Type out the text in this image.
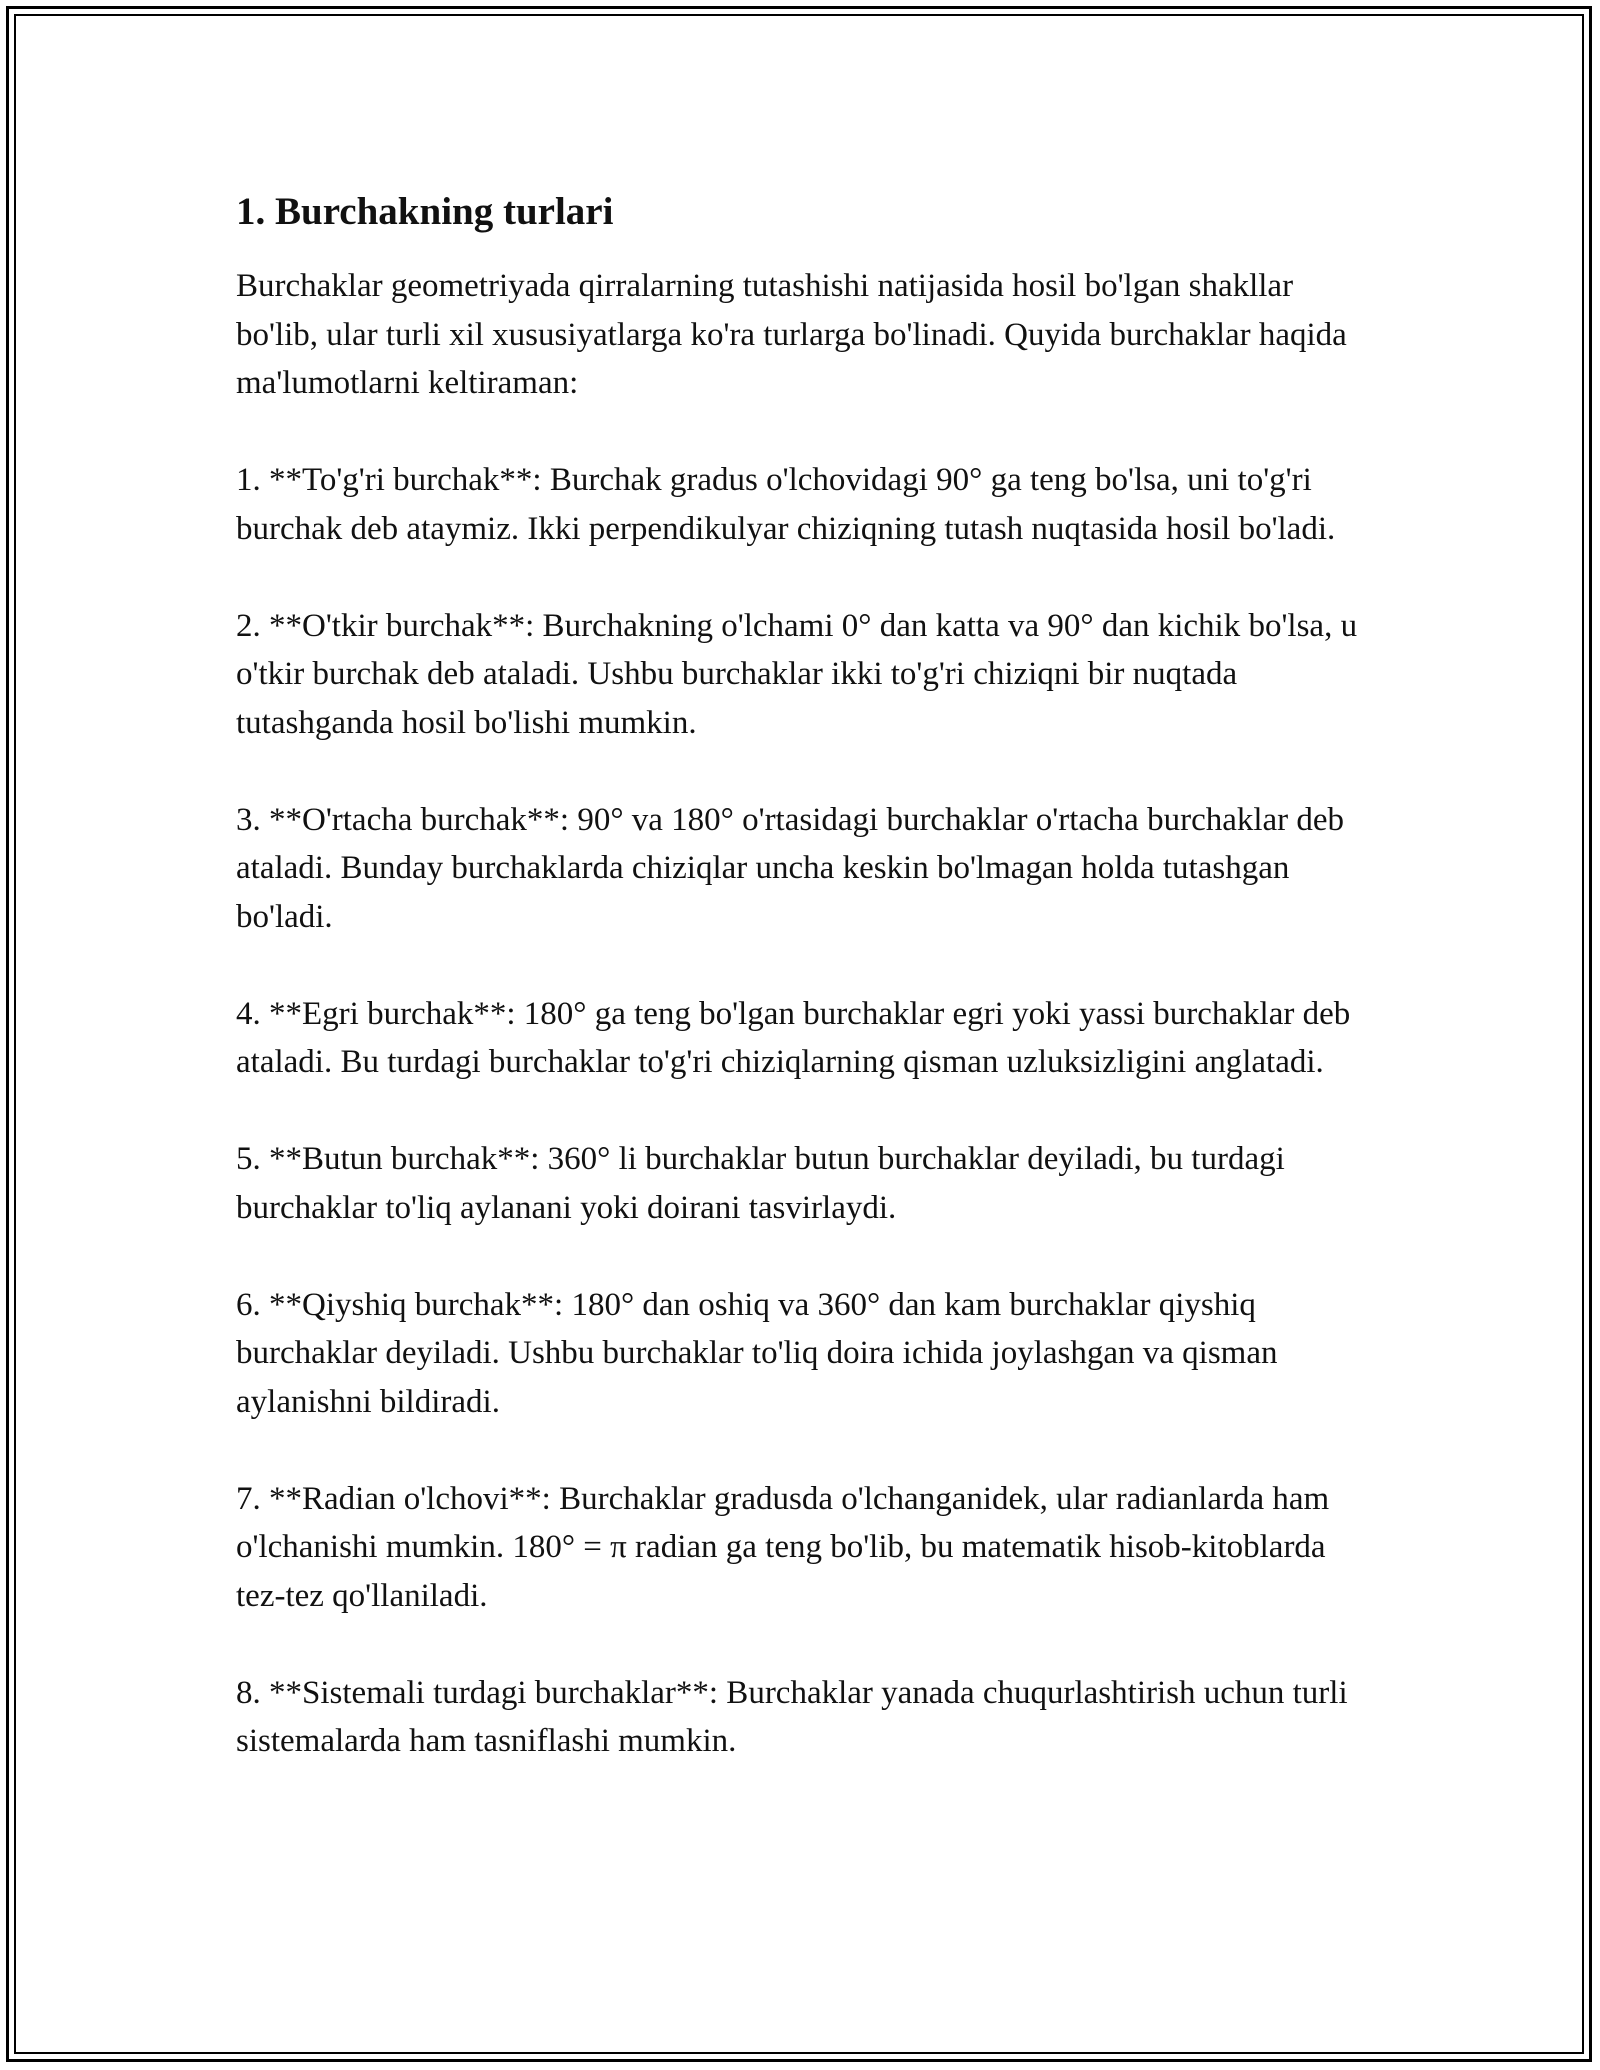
1. Burchakning turlari

Burchaklar geometriyada qirralarning tutashishi natijasida hosil bo'lgan shakllar bo'lib, ular turli xil xususiyatlarga ko'ra turlarga bo'linadi. Quyida burchaklar haqida ma'lumotlarni keltiraman:

1. **To'g'ri burchak**: Burchak gradus o'lchovidagi 90° ga teng bo'lsa, uni to'g'ri burchak deb ataymiz. Ikki perpendikulyar chiziqning tutash nuqtasida hosil bo'ladi.

2. **O'tkir burchak**: Burchakning o'lchami 0° dan katta va 90° dan kichik bo'lsa, u o'tkir burchak deb ataladi. Ushbu burchaklar ikki to'g'ri chiziqni bir nuqtada tutashganda hosil bo'lishi mumkin.

3. **O'rtacha burchak**: 90° va 180° o'rtasidagi burchaklar o'rtacha burchaklar deb ataladi. Bunday burchaklarda chiziqlar uncha keskin bo'lmagan holda tutashgan bo'ladi.

4. **Egri burchak**: 180° ga teng bo'lgan burchaklar egri yoki yassi burchaklar deb ataladi. Bu turdagi burchaklar to'g'ri chiziqlarning qisman uzluksizligini anglatadi.

5. **Butun burchak**: 360° li burchaklar butun burchaklar deyiladi, bu turdagi burchaklar to'liq aylanani yoki doirani tasvirlaydi.

6. **Qiyshiq burchak**: 180° dan oshiq va 360° dan kam burchaklar qiyshiq burchaklar deyiladi. Ushbu burchaklar to'liq doira ichida joylashgan va qisman aylanishni bildiradi.

7. **Radian o'lchovi**: Burchaklar gradusda o'lchanganidek, ular radianlarda ham o'lchanishi mumkin. 180° = π radian ga teng bo'lib, bu matematik hisob-kitoblarda tez-tez qo'llaniladi.

8. **Sistemali turdagi burchaklar**: Burchaklar yanada chuqurlashtirish uchun turli sistemalarda ham tasniflashi mumkin.
